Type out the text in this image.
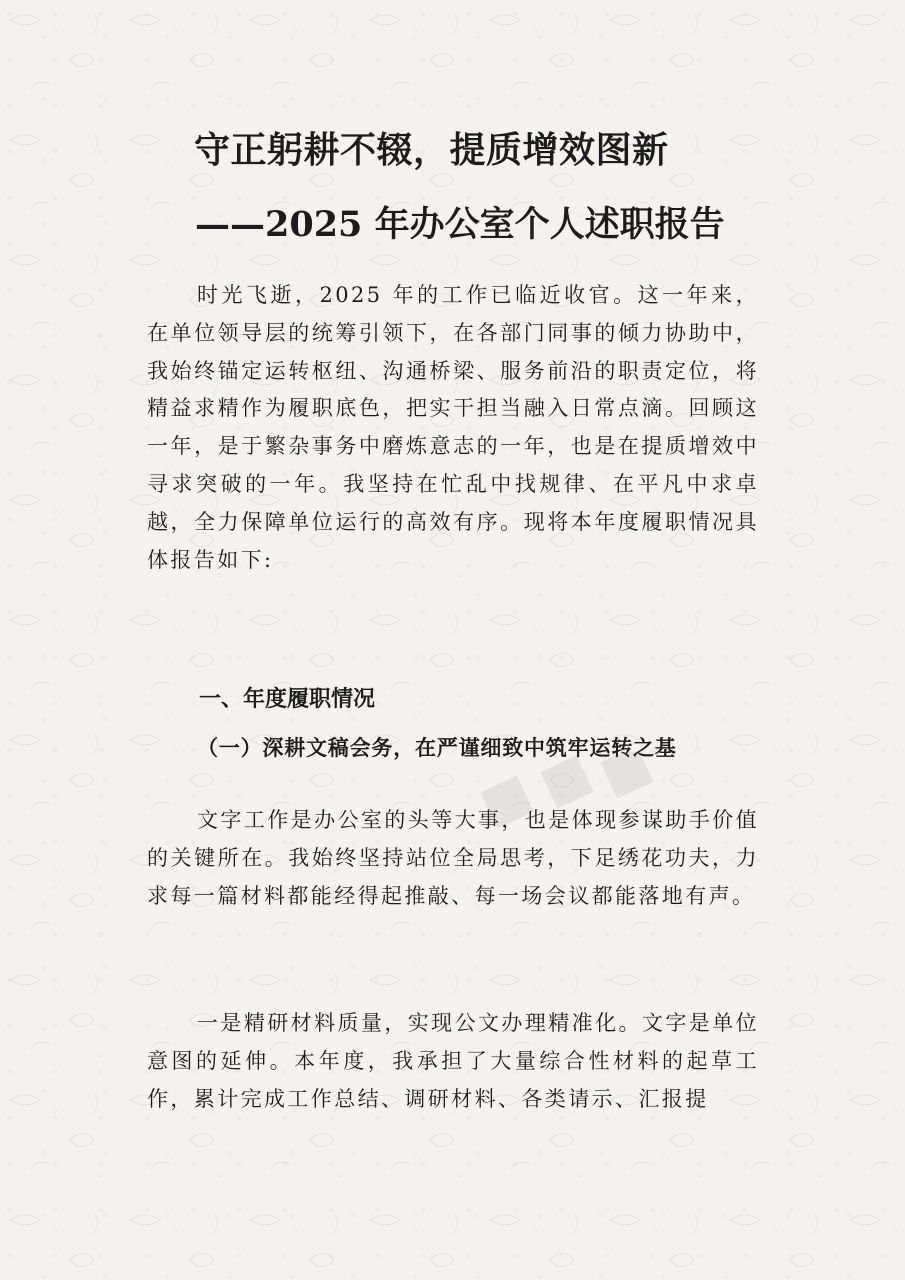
守正躬耕不辍，提质增效图新
——2025 年办公室个人述职报告
时光飞逝，2025 年的工作已临近收官。这一年来，在单位领导层的统筹引领下，在各部门同事的倾力协助中，我始终锚定运转枢纽、沟通桥梁、服务前沿的职责定位，将精益求精作为履职底色，把实干担当融入日常点滴。回顾这一年，是于繁杂事务中磨炼意志的一年，也是在提质增效中寻求突破的一年。我坚持在忙乱中找规律、在平凡中求卓越，全力保障单位运行的高效有序。现将本年度履职情况具体报告如下:
一、年度履职情况
（一）深耕文稿会务，在严谨细致中筑牢运转之基
文字工作是办公室的头等大事，也是体现参谋助手价值的关键所在。我始终坚持站位全局思考，下足绣花功夫，力求每一篇材料都能经得起推敲、每一场会议都能落地有声。
一是精研材料质量，实现公文办理精准化。文字是单位意图的延伸。本年度，我承担了大量综合性材料的起草工作，累计完成工作总结、调研材料、各类请示、汇报提
